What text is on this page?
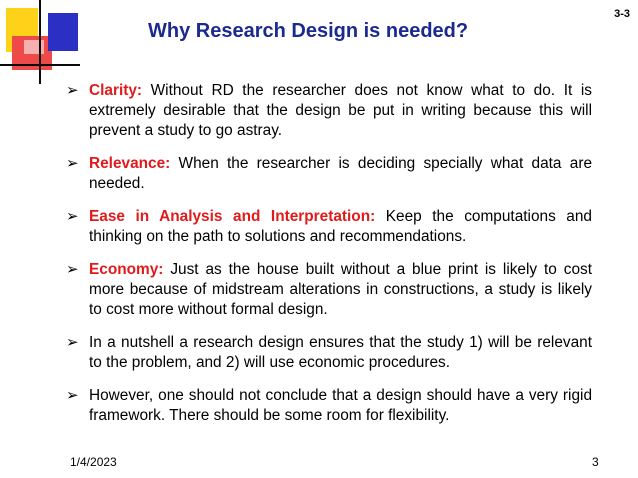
3-3
Why Research Design is needed?
➢ Clarity: Without RD the researcher does not know what to do. It is extremely desirable that the design be put in writing because this will prevent a study to go astray.
➢ Relevance: When the researcher is deciding specially what data are needed.
➢ Ease in Analysis and Interpretation: Keep the computations and thinking on the path to solutions and recommendations.
➢ Economy: Just as the house built without a blue print is likely to cost more because of midstream alterations in constructions, a study is likely to cost more without formal design.
➢ In a nutshell a research design ensures that the study 1) will be relevant to the problem, and 2) will use economic procedures.
➢ However, one should not conclude that a design should have a very rigid framework. There should be some room for flexibility.
1/4/2023	3
